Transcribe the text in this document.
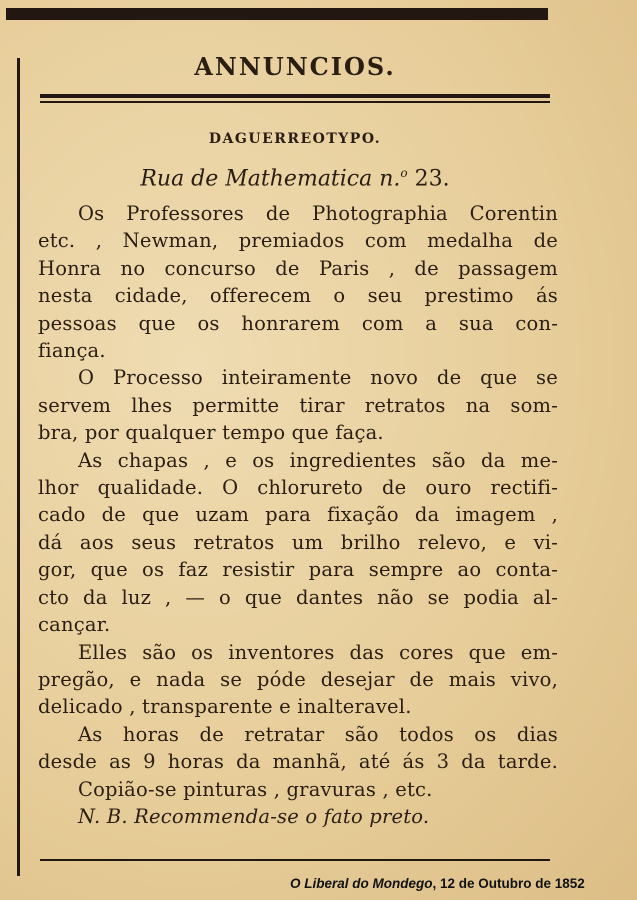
ANNUNCIOS.
DAGUERREOTYPO.
Rua de Mathematica n.$^o$ 23.
Os Professores de Photographia Corentin
etc. , Newman, premiados com medalha de
Honra no concurso de Paris , de passagem
nesta cidade, offerecem o seu prestimo ás
pessoas que os honrarem com a sua con-
fiança.
O Processo inteiramente novo de que se
servem lhes permitte tirar retratos na som-
bra, por qualquer tempo que faça.
As chapas , e os ingredientes são da me-
lhor qualidade. O chlorureto de ouro rectifi-
cado de que uzam para fixação da imagem ,
dá aos seus retratos um brilho relevo, e vi-
gor, que os faz resistir para sempre ao conta-
cto da luz , — o que dantes não se podia al-
cançar.
Elles são os inventores das cores que em-
pregão, e nada se póde desejar de mais vivo,
delicado , transparente e inalteravel.
As horas de retratar são todos os dias
desde as 9 horas da manhã, até ás 3 da tarde.
Copião-se pinturas , gravuras , etc.
N. B. Recommenda-se o fato preto.
O Liberal do Mondego, 12 de Outubro de 1852
